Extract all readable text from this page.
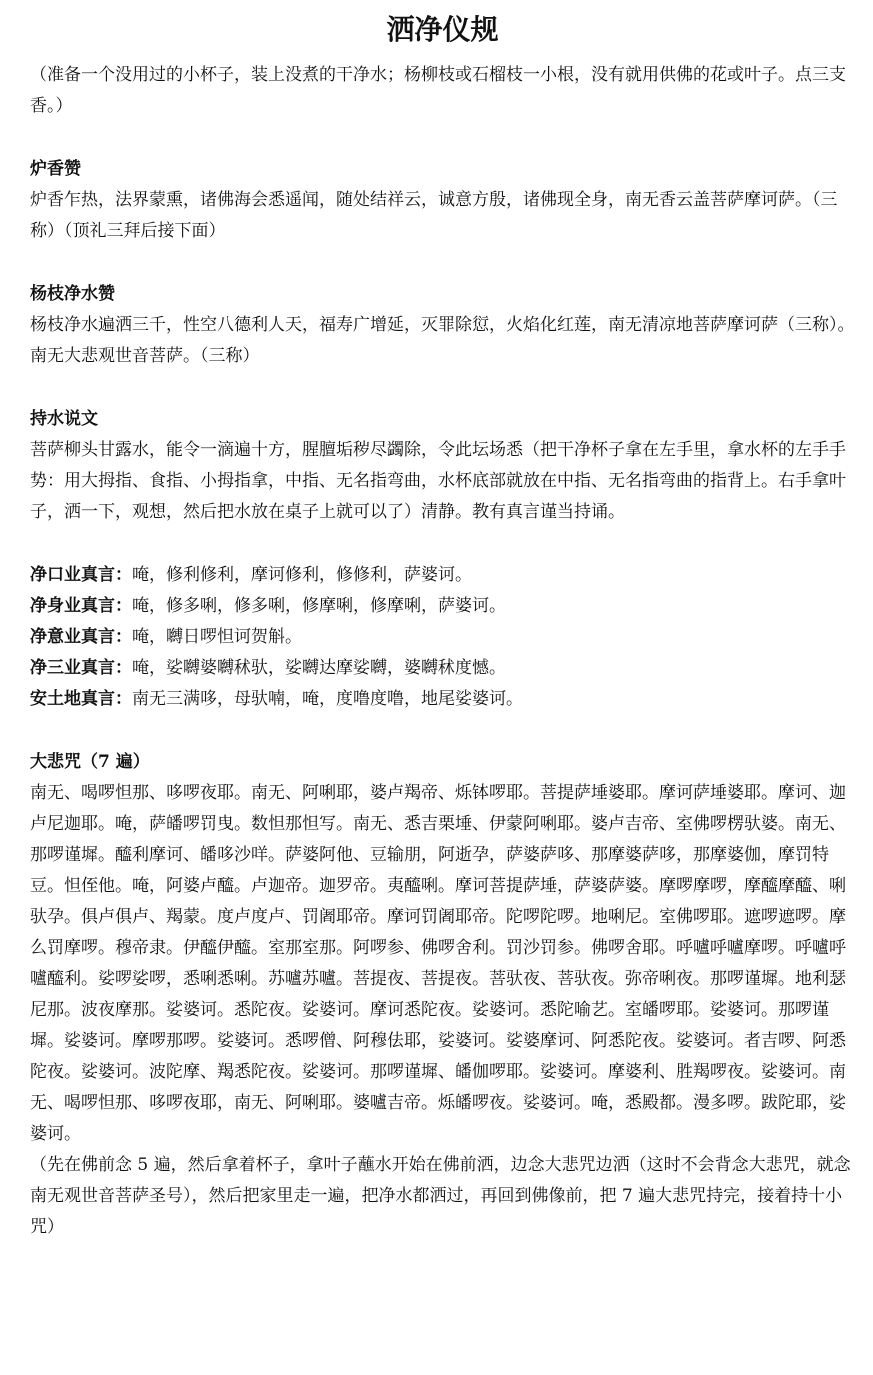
洒净仪规

（准备一个没用过的小杯子，装上没煮的干净水；杨柳枝或石榴枝一小根，没有就用供佛的花或叶子。点三支香。）

炉香赞

炉香乍热，法界蒙熏，诸佛海会悉遥闻，随处结祥云，诚意方殷，诸佛现全身，南无香云盖菩萨摩诃萨。（三称）（顶礼三拜后接下面）

杨枝净水赞

杨枝净水遍洒三千，性空八德利人天，福寿广增延，灭罪除愆，火焰化红莲，南无清凉地菩萨摩诃萨（三称）。南无大悲观世音菩萨。（三称）

持水说文

菩萨柳头甘露水，能令一滴遍十方，腥膻垢秽尽蠲除，令此坛场悉（把干净杯子拿在左手里，拿水杯的左手手势：用大拇指、食指、小拇指拿，中指、无名指弯曲，水杯底部就放在中指、无名指弯曲的指背上。右手拿叶子，洒一下，观想，然后把水放在桌子上就可以了）清静。教有真言谨当持诵。

净口业真言：唵，修利修利，摩诃修利，修修利，萨婆诃。

净身业真言：唵，修多唎，修多唎，修摩唎，修摩唎，萨婆诃。

净意业真言：唵，嚩日啰怛诃贺斛。

净三业真言：唵，娑嚩婆嚩秫驮，娑嚩达摩娑嚩，婆嚩秫度憾。

安土地真言：南无三满哆，母驮喃，唵，度噜度噜，地尾娑婆诃。

大悲咒（7 遍）

南无、喝啰怛那、哆啰夜耶。南无、阿唎耶，婆卢羯帝、烁钵啰耶。菩提萨埵婆耶。摩诃萨埵婆耶。摩诃、迦卢尼迦耶。唵，萨皤啰罚曳。数怛那怛写。南无、悉吉栗埵、伊蒙阿唎耶。婆卢吉帝、室佛啰楞驮婆。南无、那啰谨墀。醯利摩诃、皤哆沙咩。萨婆阿他、豆输朋，阿逝孕，萨婆萨哆、那摩婆萨哆，那摩婆伽，摩罚特豆。怛侄他。唵，阿婆卢醯。卢迦帝。迦罗帝。夷醯唎。摩诃菩提萨埵，萨婆萨婆。摩啰摩啰，摩醯摩醯、唎驮孕。俱卢俱卢、羯蒙。度卢度卢、罚阇耶帝。摩诃罚阇耶帝。陀啰陀啰。地唎尼。室佛啰耶。遮啰遮啰。摩么罚摩啰。穆帝隶。伊醯伊醯。室那室那。阿啰参、佛啰舍利。罚沙罚参。佛啰舍耶。呼嚧呼嚧摩啰。呼嚧呼嚧醯利。娑啰娑啰，悉唎悉唎。苏嚧苏嚧。菩提夜、菩提夜。菩驮夜、菩驮夜。弥帝唎夜。那啰谨墀。地利瑟尼那。波夜摩那。娑婆诃。悉陀夜。娑婆诃。摩诃悉陀夜。娑婆诃。悉陀喻艺。室皤啰耶。娑婆诃。那啰谨墀。娑婆诃。摩啰那啰。娑婆诃。悉啰僧、阿穆佉耶，娑婆诃。娑婆摩诃、阿悉陀夜。娑婆诃。者吉啰、阿悉陀夜。娑婆诃。波陀摩、羯悉陀夜。娑婆诃。那啰谨墀、皤伽啰耶。娑婆诃。摩婆利、胜羯啰夜。娑婆诃。南无、喝啰怛那、哆啰夜耶，南无、阿唎耶。婆嚧吉帝。烁皤啰夜。娑婆诃。唵，悉殿都。漫多啰。跋陀耶，娑婆诃。

（先在佛前念 5 遍，然后拿着杯子，拿叶子蘸水开始在佛前洒，边念大悲咒边洒（这时不会背念大悲咒，就念南无观世音菩萨圣号），然后把家里走一遍，把净水都洒过，再回到佛像前，把 7 遍大悲咒持完，接着持十小咒）
